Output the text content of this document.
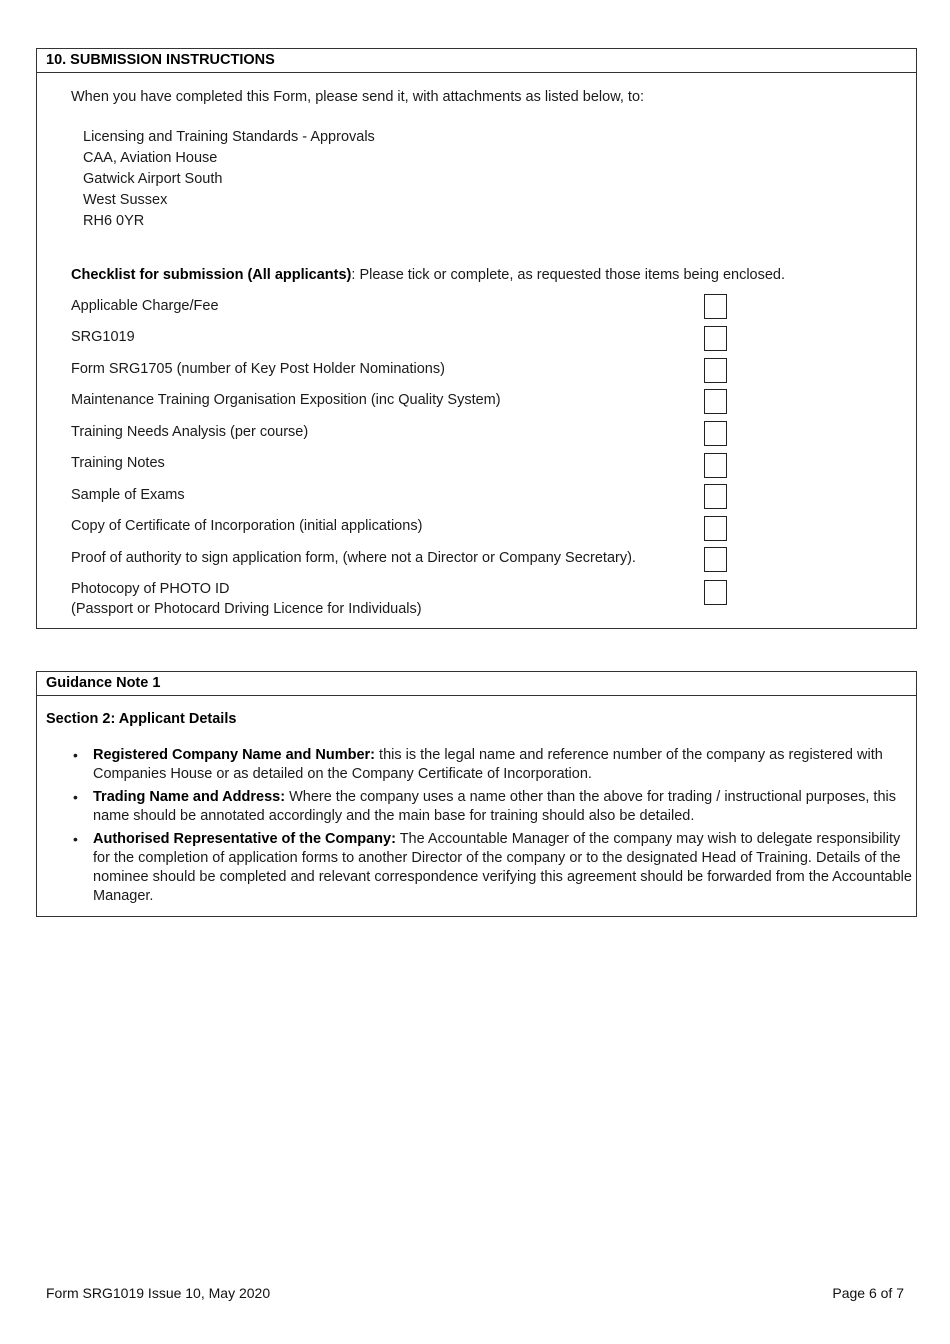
10. SUBMISSION INSTRUCTIONS
When you have completed this Form, please send it, with attachments as listed below, to:
Licensing and Training Standards - Approvals
CAA, Aviation House
Gatwick Airport South
West Sussex
RH6 0YR
Checklist for submission (All applicants): Please tick or complete, as requested those items being enclosed.
Applicable Charge/Fee
SRG1019
Form SRG1705 (number of Key Post Holder Nominations)
Maintenance Training Organisation Exposition (inc Quality System)
Training Needs Analysis (per course)
Training Notes
Sample of Exams
Copy of Certificate of Incorporation (initial applications)
Proof of authority to sign application form, (where not a Director or Company Secretary).
Photocopy of PHOTO ID
(Passport or Photocard Driving Licence for Individuals)
Guidance Note 1
Section 2: Applicant Details
•	Registered Company Name and Number: this is the legal name and reference number of the company as registered with Companies House or as detailed on the Company Certificate of Incorporation.
•	Trading Name and Address: Where the company uses a name other than the above for trading / instructional purposes, this name should be annotated accordingly and the main base for training should also be detailed.
•	Authorised Representative of the Company: The Accountable Manager of the company may wish to delegate responsibility for the completion of application forms to another Director of the company or to the designated Head of Training. Details of the nominee should be completed and relevant correspondence verifying this agreement should be forwarded from the Accountable Manager.
Form SRG1019 Issue 10, May 2020	Page 6 of 7
